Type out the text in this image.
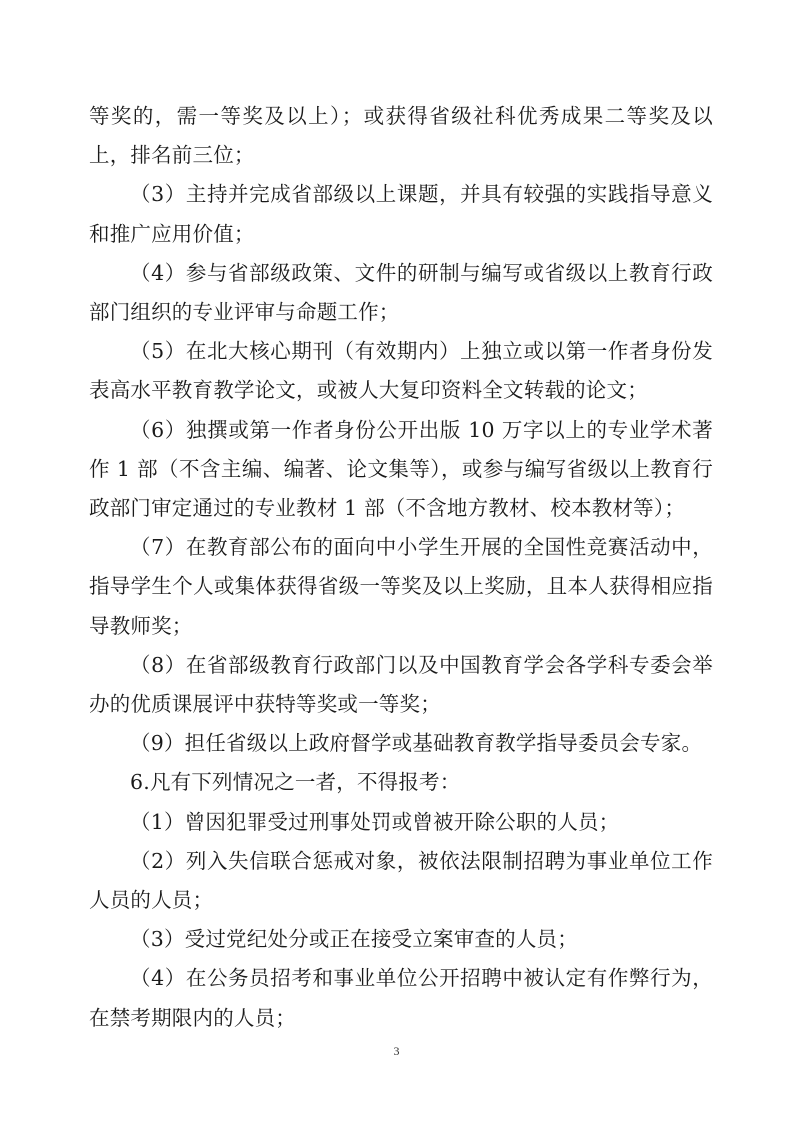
等奖的，需一等奖及以上）；或获得省级社科优秀成果二等奖及以上，排名前三位；

（3）主持并完成省部级以上课题，并具有较强的实践指导意义和推广应用价值；

（4）参与省部级政策、文件的研制与编写或省级以上教育行政部门组织的专业评审与命题工作；

（5）在北大核心期刊（有效期内）上独立或以第一作者身份发表高水平教育教学论文，或被人大复印资料全文转载的论文；

（6）独撰或第一作者身份公开出版 10 万字以上的专业学术著作 1 部（不含主编、编著、论文集等），或参与编写省级以上教育行政部门审定通过的专业教材 1 部（不含地方教材、校本教材等）；

（7）在教育部公布的面向中小学生开展的全国性竞赛活动中，指导学生个人或集体获得省级一等奖及以上奖励，且本人获得相应指导教师奖；

（8）在省部级教育行政部门以及中国教育学会各学科专委会举办的优质课展评中获特等奖或一等奖；

（9）担任省级以上政府督学或基础教育教学指导委员会专家。

6.凡有下列情况之一者，不得报考：

（1）曾因犯罪受过刑事处罚或曾被开除公职的人员；

（2）列入失信联合惩戒对象，被依法限制招聘为事业单位工作人员的人员；

（3）受过党纪处分或正在接受立案审查的人员；

（4）在公务员招考和事业单位公开招聘中被认定有作弊行为，在禁考期限内的人员；

3
